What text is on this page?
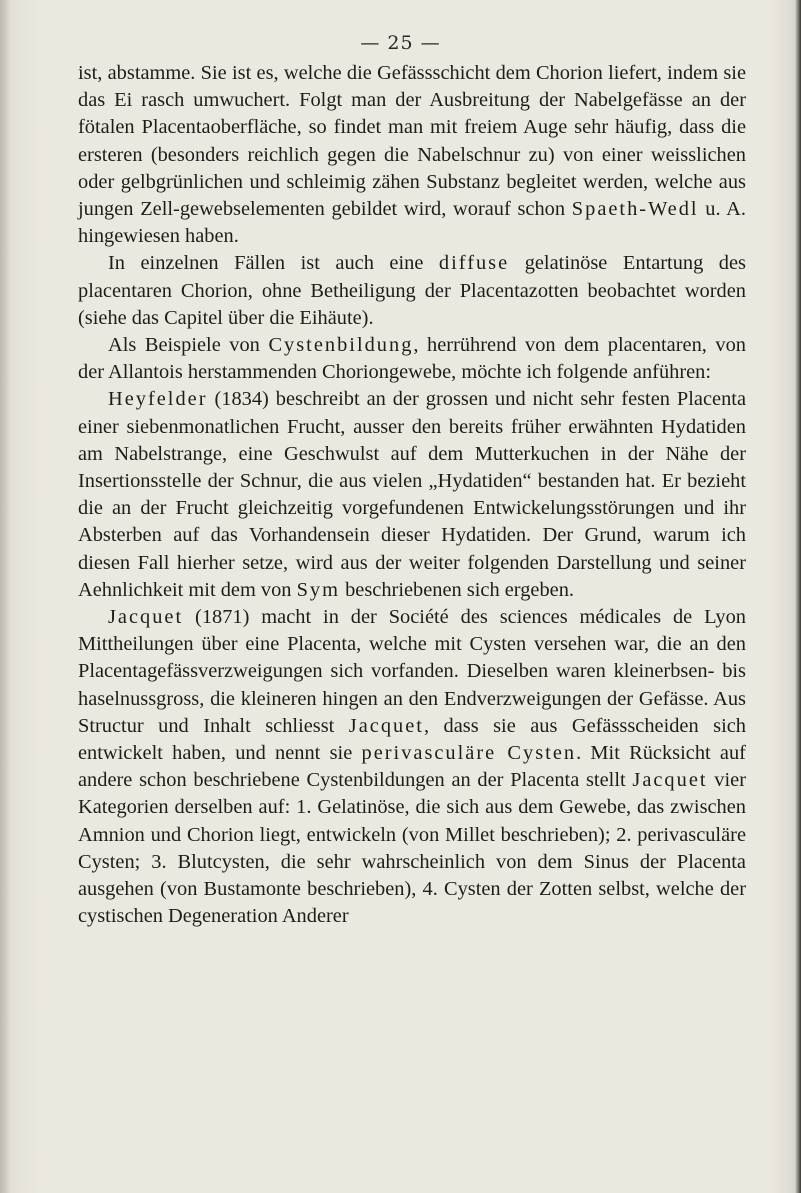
— 25 —

ist, abstamme. Sie ist es, welche die Gefässschicht dem Chorion liefert, indem sie das Ei rasch umwuchert. Folgt man der Ausbreitung der Nabelgefässe an der fötalen Placentaoberfläche, so findet man mit freiem Auge sehr häufig, dass die ersteren (besonders reichlich gegen die Nabelschnur zu) von einer weisslichen oder gelbgrünlichen und schleimig zähen Substanz begleitet werden, welche aus jungen Zell-gewebselementen gebildet wird, worauf schon Spaeth-Wedl u. A. hingewiesen haben.

In einzelnen Fällen ist auch eine diffuse gelatinöse Entartung des placentaren Chorion, ohne Betheiligung der Placentazotten beobachtet worden (siehe das Capitel über die Eihäute).

Als Beispiele von Cystenbildung, herrührend von dem placentaren, von der Allantois herstammenden Choriongewebe, möchte ich folgende anführen:

Heyfelder (1834) beschreibt an der grossen und nicht sehr festen Placenta einer siebenmonatlichen Frucht, ausser den bereits früher erwähnten Hydatiden am Nabelstrange, eine Geschwulst auf dem Mutterkuchen in der Nähe der Insertionsstelle der Schnur, die aus vielen „Hydatiden“ bestanden hat. Er bezieht die an der Frucht gleichzeitig vorgefundenen Entwickelungsstörungen und ihr Absterben auf das Vorhandensein dieser Hydatiden. Der Grund, warum ich diesen Fall hierher setze, wird aus der weiter folgenden Darstellung und seiner Aehnlichkeit mit dem von Sym beschriebenen sich ergeben.

Jacquet (1871) macht in der Société des sciences médicales de Lyon Mittheilungen über eine Placenta, welche mit Cysten versehen war, die an den Placentagefässverzweigungen sich vorfanden. Dieselben waren kleinerbsen- bis haselnussgross, die kleineren hingen an den Endverzweigungen der Gefässe. Aus Structur und Inhalt schliesst Jacquet, dass sie aus Gefässscheiden sich entwickelt haben, und nennt sie perivasculäre Cysten. Mit Rücksicht auf andere schon beschriebene Cystenbildungen an der Placenta stellt Jacquet vier Kategorien derselben auf: 1. Gelatinöse, die sich aus dem Gewebe, das zwischen Amnion und Chorion liegt, entwickeln (von Millet beschrieben); 2. perivasculäre Cysten; 3. Blutcysten, die sehr wahrscheinlich von dem Sinus der Placenta ausgehen (von Bustamonte beschrieben), 4. Cysten der Zotten selbst, welche der cystischen Degeneration Anderer
